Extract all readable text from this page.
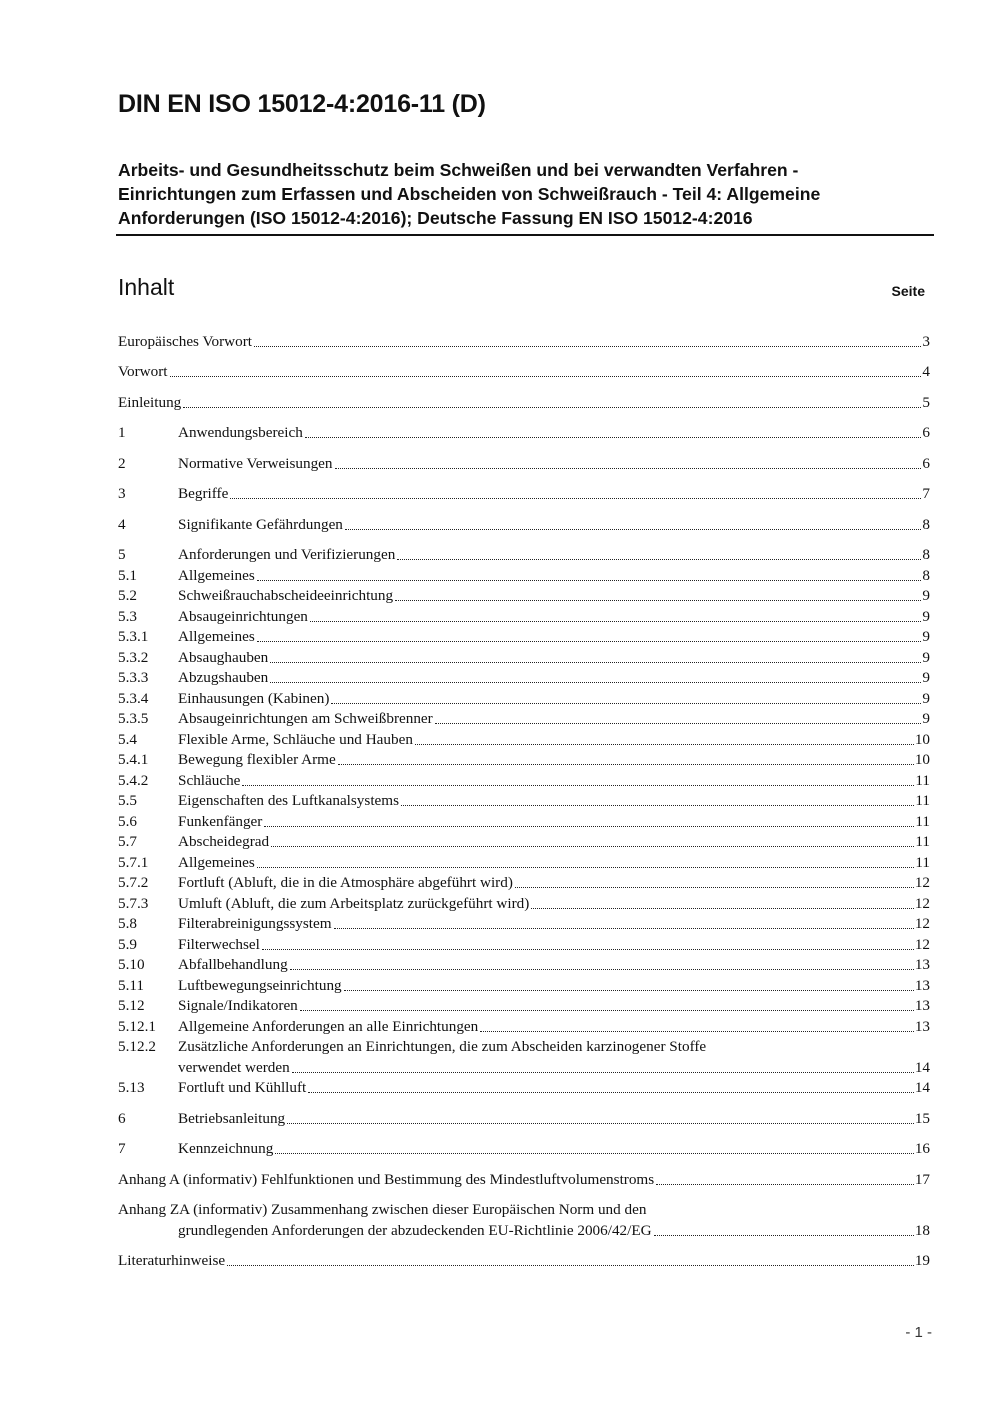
DIN EN ISO 15012-4:2016-11 (D)
Arbeits- und Gesundheitsschutz beim Schweißen und bei verwandten Verfahren -
Einrichtungen zum Erfassen und Abscheiden von Schweißrauch - Teil 4: Allgemeine
Anforderungen (ISO 15012-4:2016); Deutsche Fassung EN ISO 15012-4:2016
Inhalt	Seite
Europäisches Vorwort	3
Vorwort	4
Einleitung	5
1	Anwendungsbereich	6
2	Normative Verweisungen	6
3	Begriffe	7
4	Signifikante Gefährdungen	8
5	Anforderungen und Verifizierungen	8
5.1	Allgemeines	8
5.2	Schweißrauchabscheideeinrichtung	9
5.3	Absaugeinrichtungen	9
5.3.1	Allgemeines	9
5.3.2	Absaughauben	9
5.3.3	Abzugshauben	9
5.3.4	Einhausungen (Kabinen)	9
5.3.5	Absaugeinrichtungen am Schweißbrenner	9
5.4	Flexible Arme, Schläuche und Hauben	10
5.4.1	Bewegung flexibler Arme	10
5.4.2	Schläuche	11
5.5	Eigenschaften des Luftkanalsystems	11
5.6	Funkenfänger	11
5.7	Abscheidegrad	11
5.7.1	Allgemeines	11
5.7.2	Fortluft (Abluft, die in die Atmosphäre abgeführt wird)	12
5.7.3	Umluft (Abluft, die zum Arbeitsplatz zurückgeführt wird)	12
5.8	Filterabreinigungssystem	12
5.9	Filterwechsel	12
5.10	Abfallbehandlung	13
5.11	Luftbewegungseinrichtung	13
5.12	Signale/Indikatoren	13
5.12.1	Allgemeine Anforderungen an alle Einrichtungen	13
5.12.2	Zusätzliche Anforderungen an Einrichtungen, die zum Abscheiden karzinogener Stoffe
verwendet werden	14
5.13	Fortluft und Kühlluft	14
6	Betriebsanleitung	15
7	Kennzeichnung	16
Anhang A (informativ) Fehlfunktionen und Bestimmung des Mindestluftvolumenstroms	17
Anhang ZA (informativ) Zusammenhang zwischen dieser Europäischen Norm und den
grundlegenden Anforderungen der abzudeckenden EU-Richtlinie 2006/42/EG	18
Literaturhinweise	19
- 1 -
